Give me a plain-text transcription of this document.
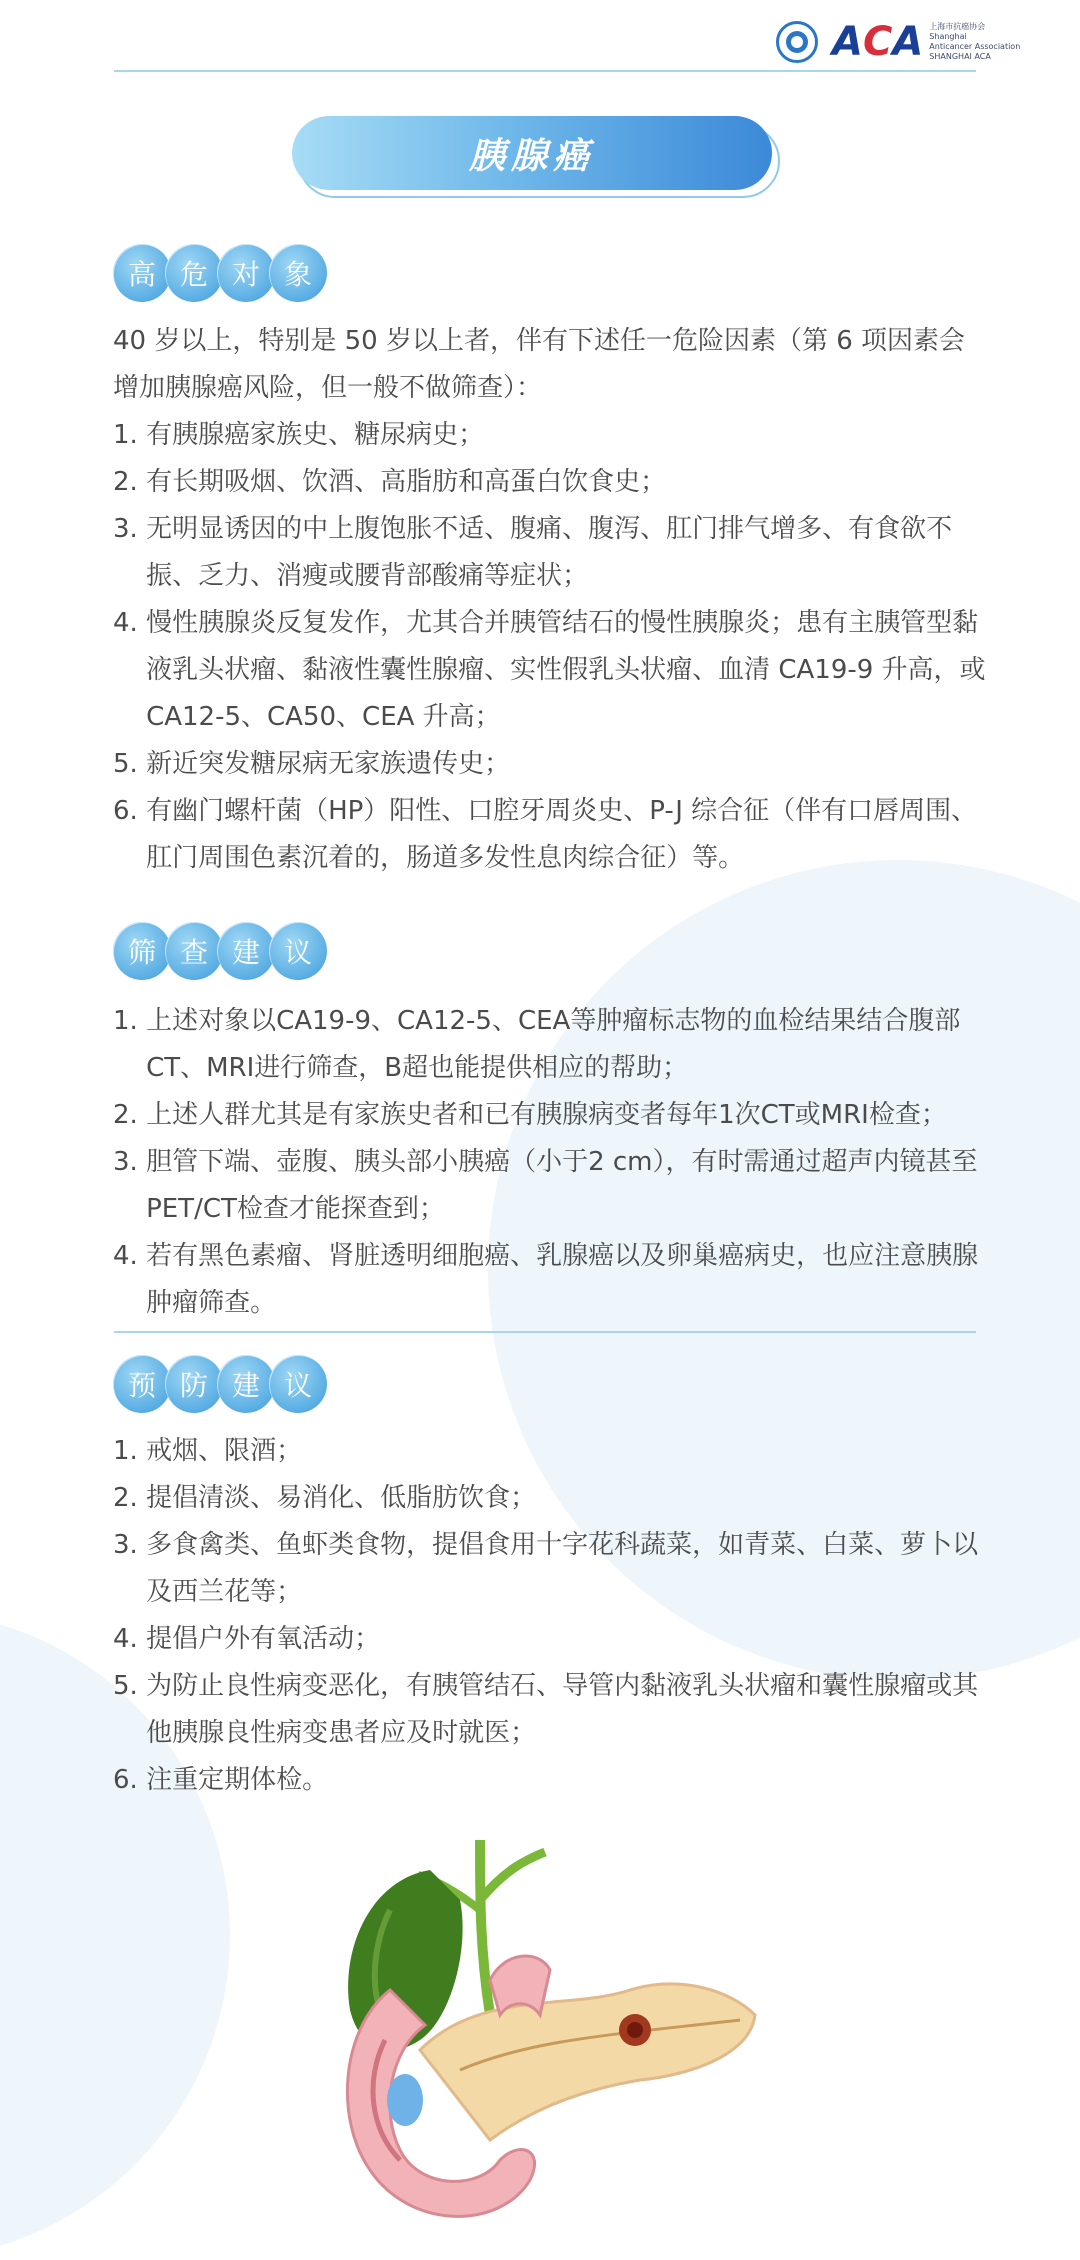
A C A 上海市抗癌协会
Shanghai
Anticancer Association
SHANGHAI ACA
胰腺癌
高 危 对 象

40 岁以上，特别是 50 岁以上者，伴有下述任一危险因素（第 6 项因素会

增加胰腺癌风险，但一般不做筛查）：

1. 有胰腺癌家族史、糖尿病史；
2. 有长期吸烟、饮酒、高脂肪和高蛋白饮食史；
3. 无明显诱因的中上腹饱胀不适、腹痛、腹泻、肛门排气增多、有食欲不振、乏力、消瘦或腰背部酸痛等症状；
4. 慢性胰腺炎反复发作，尤其合并胰管结石的慢性胰腺炎；患有主胰管型黏液乳头状瘤、黏液性囊性腺瘤、实性假乳头状瘤、血清 CA19-9 升高，或 CA12-5、CA50、CEA 升高；
5. 新近突发糖尿病无家族遗传史；
6. 有幽门螺杆菌（HP）阳性、口腔牙周炎史、P-J 综合征（伴有口唇周围、肛门周围色素沉着的，肠道多发性息肉综合征）等。
筛 查 建 议
1. 上述对象以CA19-9、CA12-5、CEA等肿瘤标志物的血检结果结合腹部CT、MRI进行筛查，B超也能提供相应的帮助；
2. 上述人群尤其是有家族史者和已有胰腺病变者每年1次CT或MRI检查；
3. 胆管下端、壶腹、胰头部小胰癌（小于2 cm），有时需通过超声内镜甚至PET/CT检查才能探查到；
4. 若有黑色素瘤、肾脏透明细胞癌、乳腺癌以及卵巢癌病史，也应注意胰腺肿瘤筛查。
预 防 建 议
1. 戒烟、限酒；
2. 提倡清淡、易消化、低脂肪饮食；
3. 多食禽类、鱼虾类食物，提倡食用十字花科蔬菜，如青菜、白菜、萝卜以及西兰花等；
4. 提倡户外有氧活动；
5. 为防止良性病变恶化，有胰管结石、导管内黏液乳头状瘤和囊性腺瘤或其他胰腺良性病变患者应及时就医；
6. 注重定期体检。
